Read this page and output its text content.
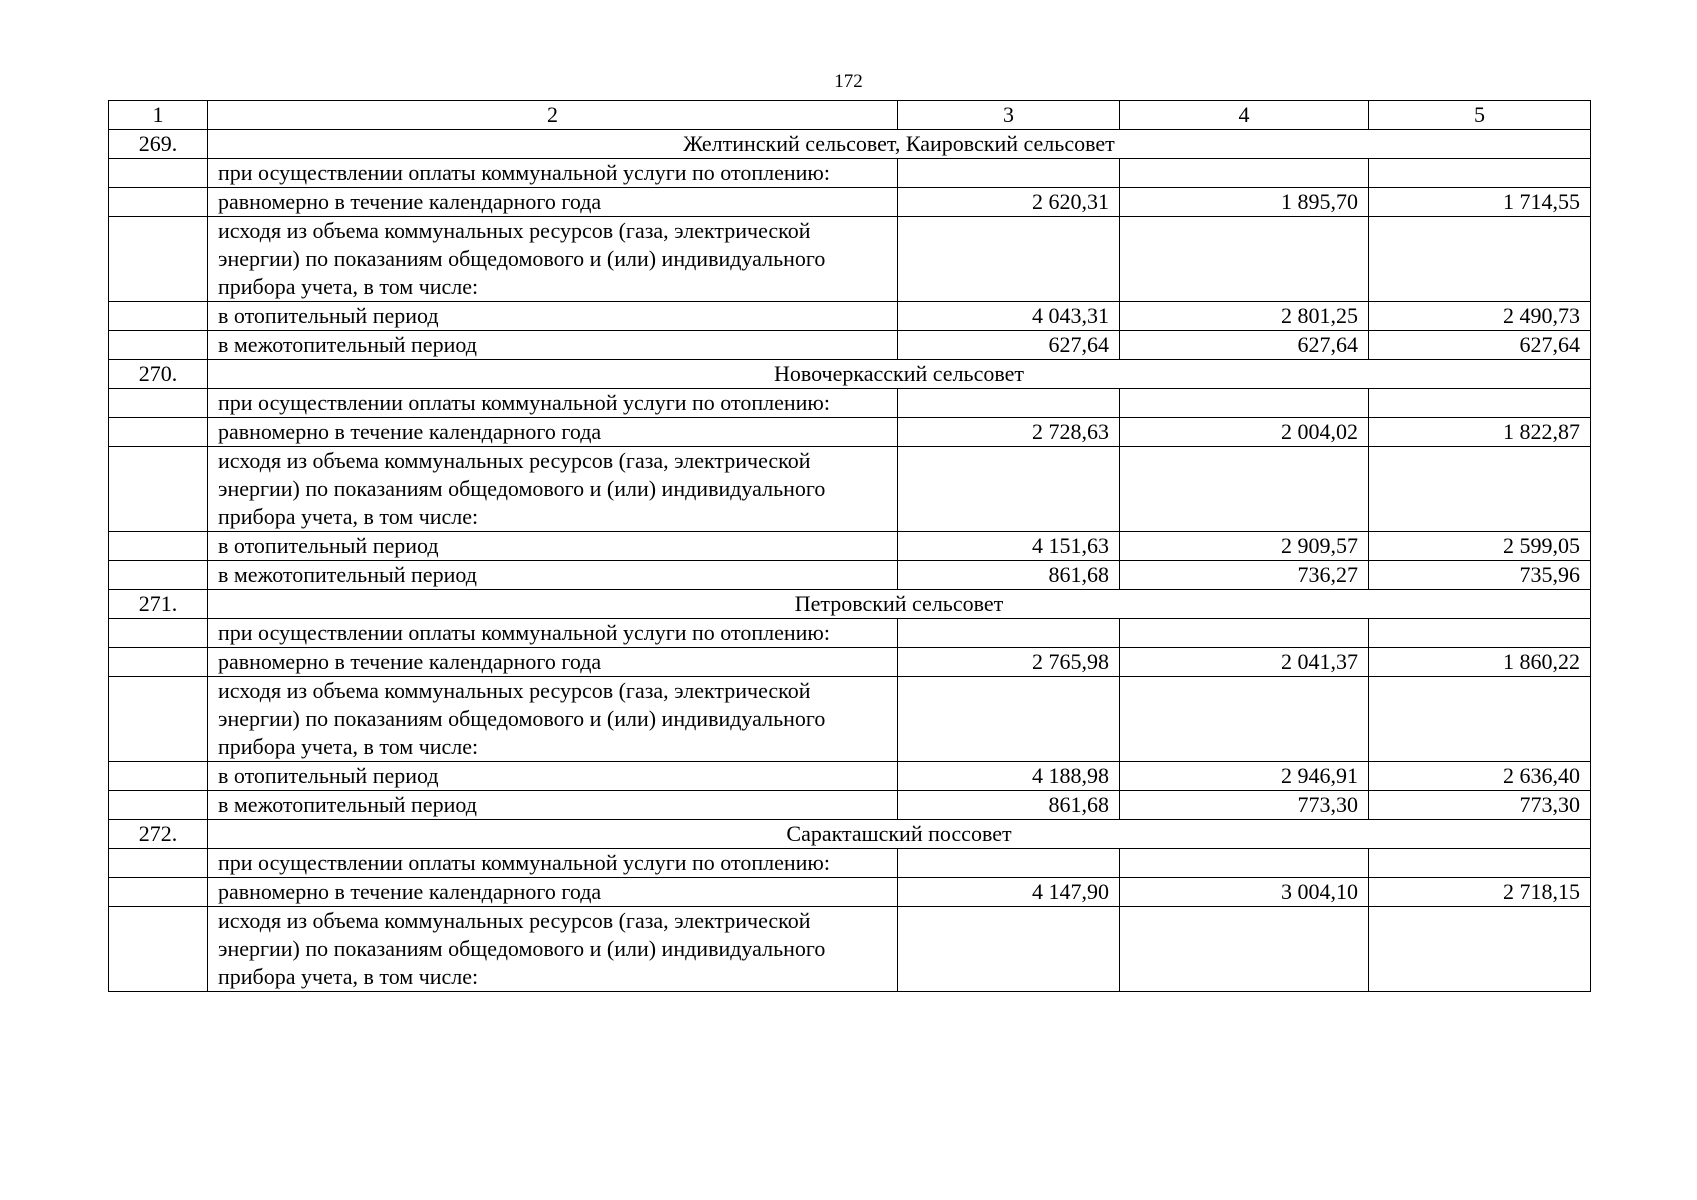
172
1	2	3	4	5
269.	Желтинский сельсовет, Каировский сельсовет			
	при осуществлении оплаты коммунальной услуги по отоплению:			
	равномерно в течение календарного года	2 620,31	1 895,70	1 714,55
	исходя из объема коммунальных ресурсов (газа, электрической энергии) по показаниям общедомового и (или) индивидуального прибора учета, в том числе:			
	в отопительный период	4 043,31	2 801,25	2 490,73
	в межотопительный период	627,64	627,64	627,64
270.	Новочеркасский сельсовет			
	при осуществлении оплаты коммунальной услуги по отоплению:			
	равномерно в течение календарного года	2 728,63	2 004,02	1 822,87
	исходя из объема коммунальных ресурсов (газа, электрической энергии) по показаниям общедомового и (или) индивидуального прибора учета, в том числе:			
	в отопительный период	4 151,63	2 909,57	2 599,05
	в межотопительный период	861,68	736,27	735,96
271.	Петровский сельсовет			
	при осуществлении оплаты коммунальной услуги по отоплению:			
	равномерно в течение календарного года	2 765,98	2 041,37	1 860,22
	исходя из объема коммунальных ресурсов (газа, электрической энергии) по показаниям общедомового и (или) индивидуального прибора учета, в том числе:			
	в отопительный период	4 188,98	2 946,91	2 636,40
	в межотопительный период	861,68	773,30	773,30
272.	Саракташский поссовет			
	при осуществлении оплаты коммунальной услуги по отоплению:			
	равномерно в течение календарного года	4 147,90	3 004,10	2 718,15
	исходя из объема коммунальных ресурсов (газа, электрической энергии) по показаниям общедомового и (или) индивидуального прибора учета, в том числе:			
